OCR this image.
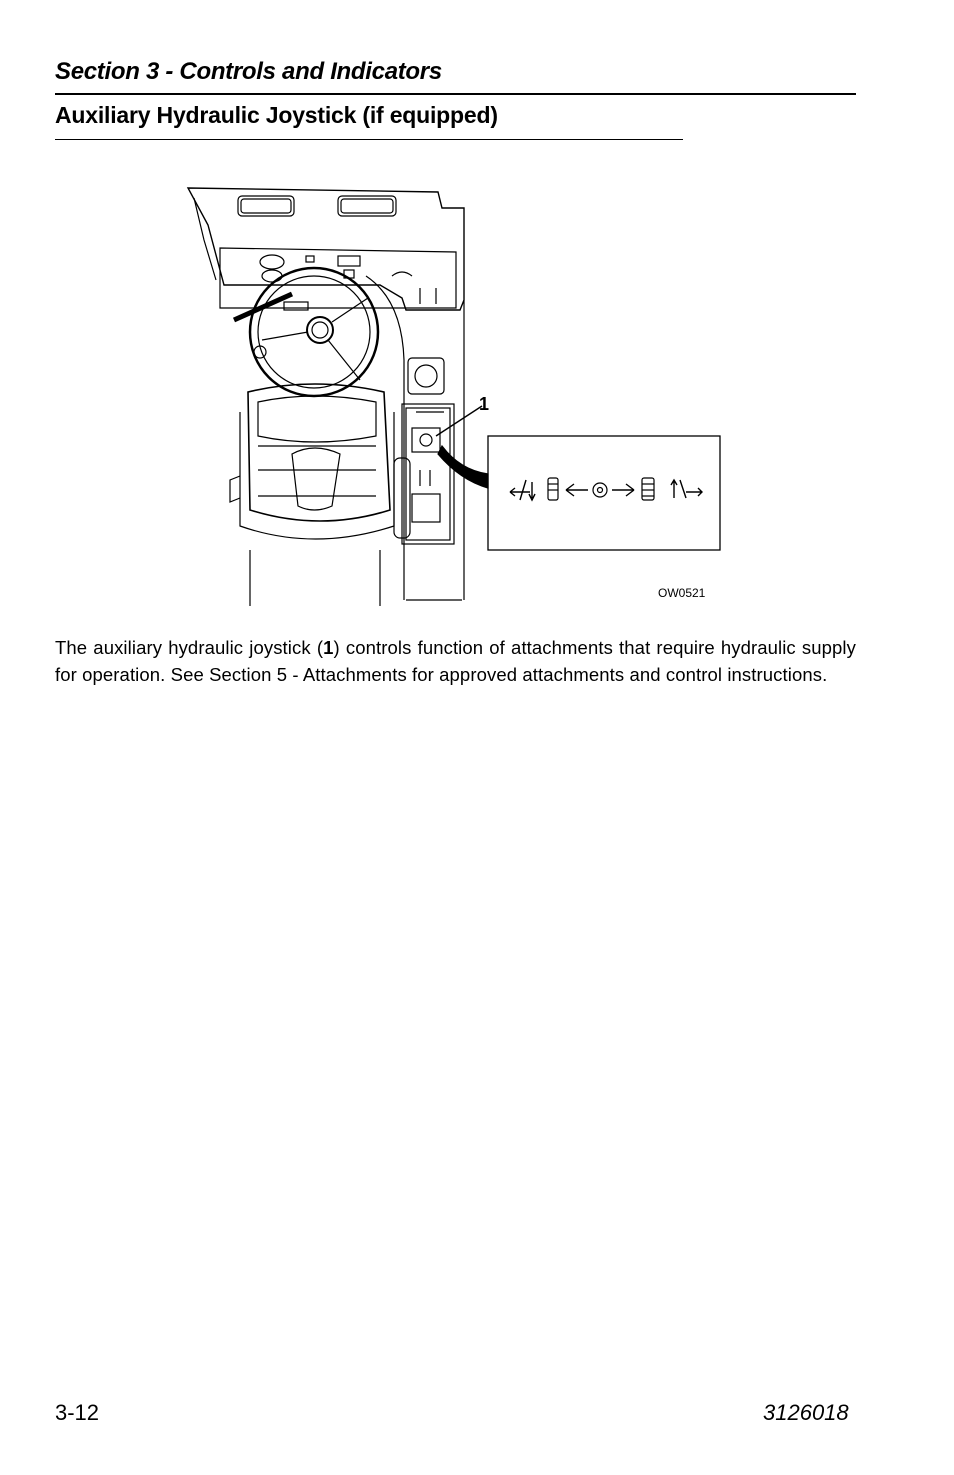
Section 3 - Controls and Indicators
Auxiliary Hydraulic Joystick (if equipped)
1
OW0521

The auxiliary hydraulic joystick (1) controls function of attachments that require hydraulic supply for operation. See Section 5 - Attachments for approved attachments and control instructions.

3-12	3126018
